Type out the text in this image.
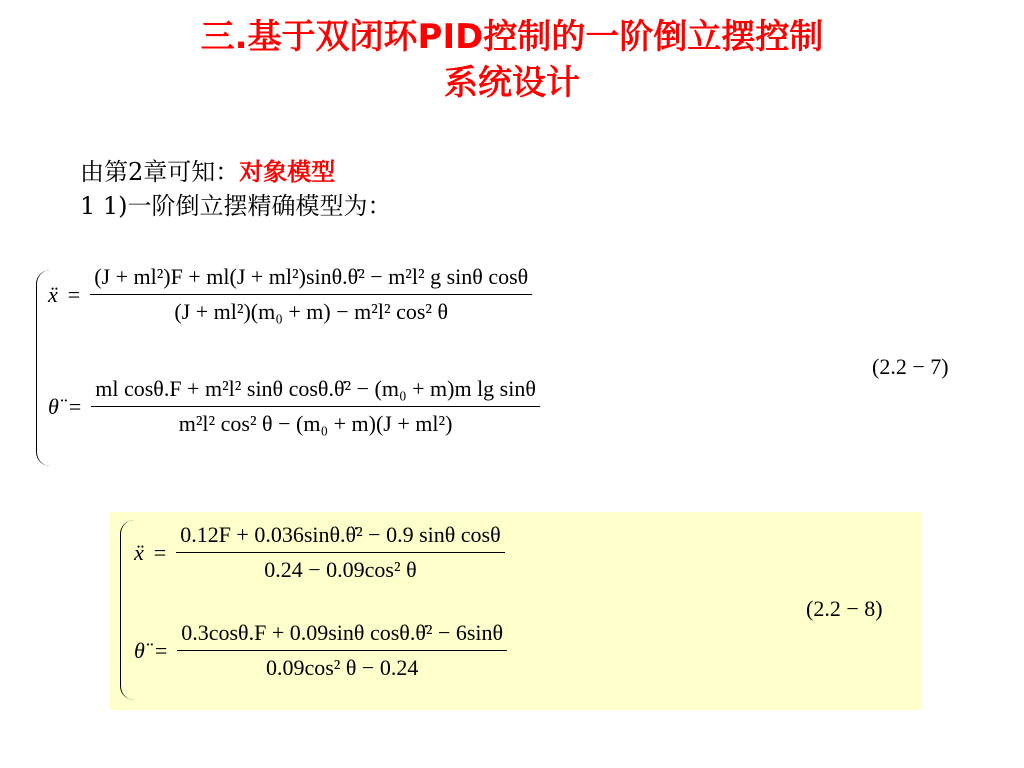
三.基于双闭环PID控制的一阶倒立摆控制
系统设计
由第2章可知：对象模型
1 1)一阶倒立摆精确模型为：
ẍ = $\frac{\text{(J + ml²)F + ml(J + ml²)sinθ.θ̇² − m²l² g sinθ cosθ}}{\text{(J + ml²)(m₀ + m) − m²l² cos² θ}}$
θ̈ = $\frac{\text{ml cosθ.F + m²l² sinθ cosθ.θ̇² − (m₀ + m)m lg sinθ}}{\text{m²l² cos² θ − (m₀ + m)(J + ml²)}}$
(2.2 − 7)
ẍ = $\frac{\text{0.12F + 0.036sinθ.θ̇² − 0.9 sinθ cosθ}}{\text{0.24 − 0.09cos² θ}}$
θ̈ = $\frac{\text{0.3cosθ.F + 0.09sinθ cosθ.θ̇² − 6sinθ}}{\text{0.09cos² θ − 0.24}}$
(2.2 − 8)
